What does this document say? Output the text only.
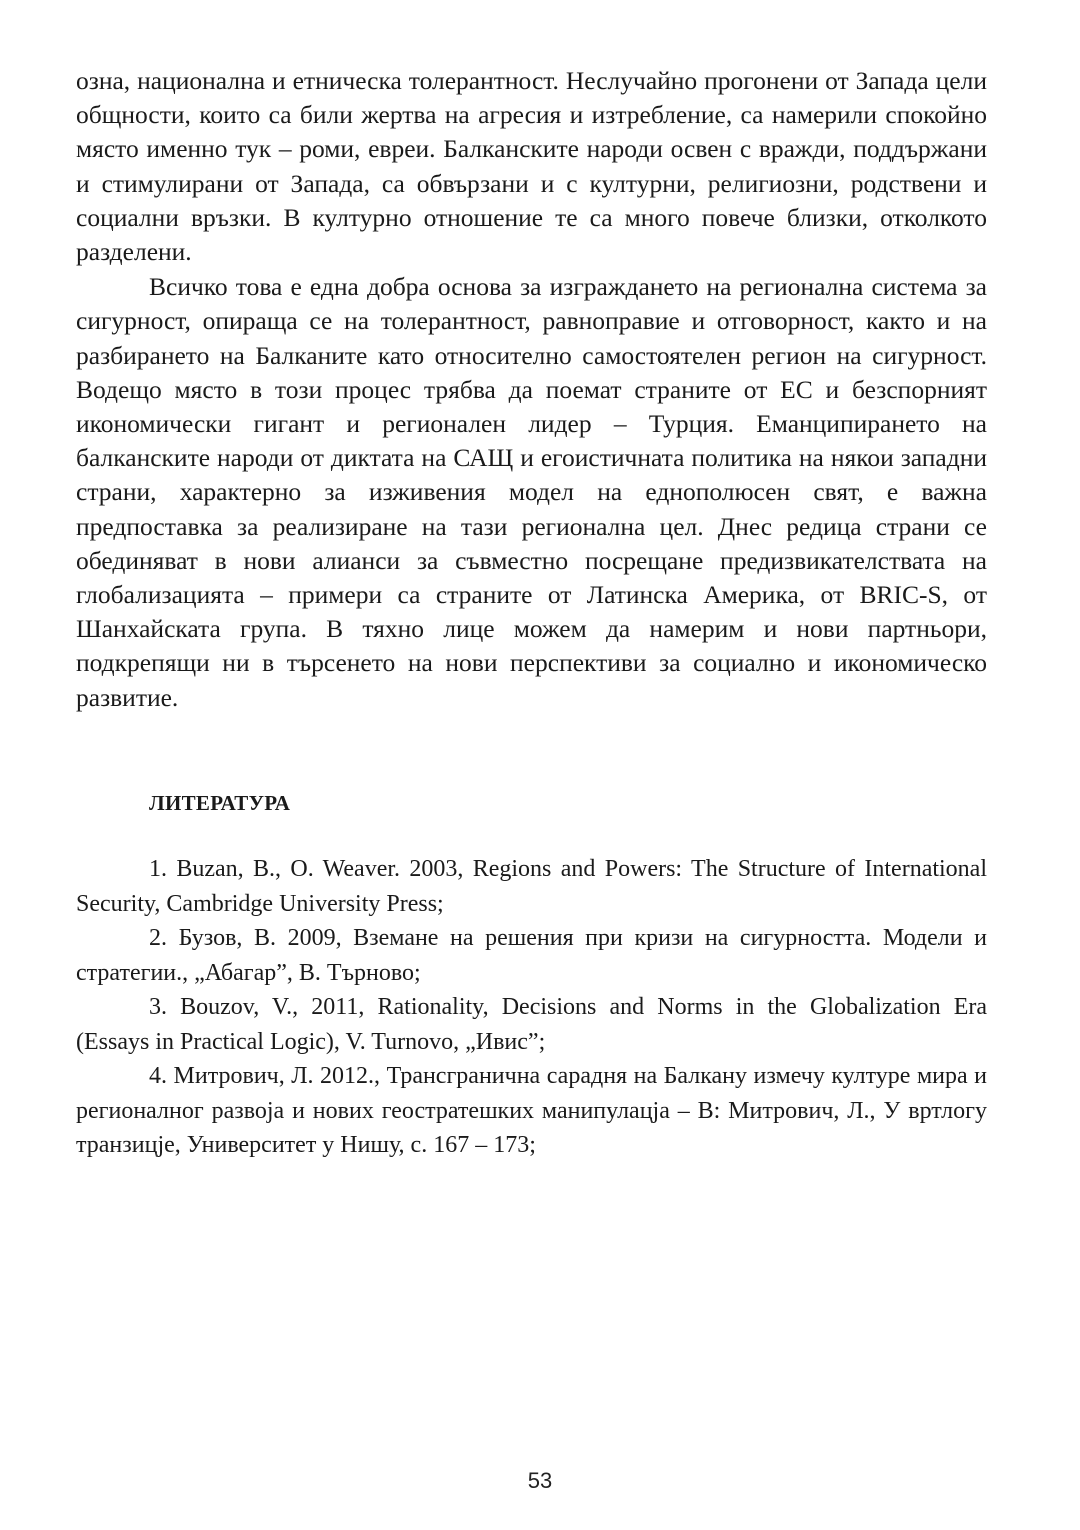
озна, национална и етническа толерантност. Неслучайно прогонени от Запада цели общности, които са били жертва на агресия и изтребление, са намерили спокойно място именно тук – роми, евреи. Балканските народи освен с вражди, поддържани и стимулирани от Запада, са обвързани и с културни, религиозни, родствени и социални връзки. В културно отношение те са много повече близки, отколкото разделени.

Всичко това е една добра основа за изграждането на регионална система за сигурност, опираща се на толерантност, равноправие и отговорност, както и на разбирането на Балканите като относително самостоятелен регион на сигурност. Водещо място в този процес трябва да поемат страните от ЕС и безспорният икономически гигант и регионален лидер – Турция. Еманципирането на балканските народи от диктата на САЩ и егоистичната политика на някои западни страни, характерно за изживения модел на еднополюсен свят, е важна предпоставка за реализиране на тази регионална цел. Днес редица страни се обединяват в нови алианси за съвместно посрещане предизвикателствата на глобализацията – примери са страните от Латинска Америка, от BRIC-S, от Шанхайската група. В тяхно лице можем да намерим и нови партньори, подкрепящи ни в търсенето на нови перспективи за социално и икономическо развитие.

ЛИТЕРАТУРА

1. Buzan, B., O. Weaver. 2003, Regions and Powers: The Structure of International Security, Cambridge University Press;

2. Бузов, В. 2009, Вземане на решения при кризи на сигурността. Модели и стратегии., „Абагар”, В. Търново;

3. Bouzov, V., 2011, Rationality, Decisions and Norms in the Globalization Era (Essays in Practical Logic), V. Turnovo, „Ивис”;

4. Митрович, Л. 2012., Трансгранична сарадня на Балкану измечу културе мира и регионалног развоја и нових геостратешких манипулацја – В: Митрович, Л., У вртлогу транзицје, Университет у Нишу, с. 167 – 173;

53
